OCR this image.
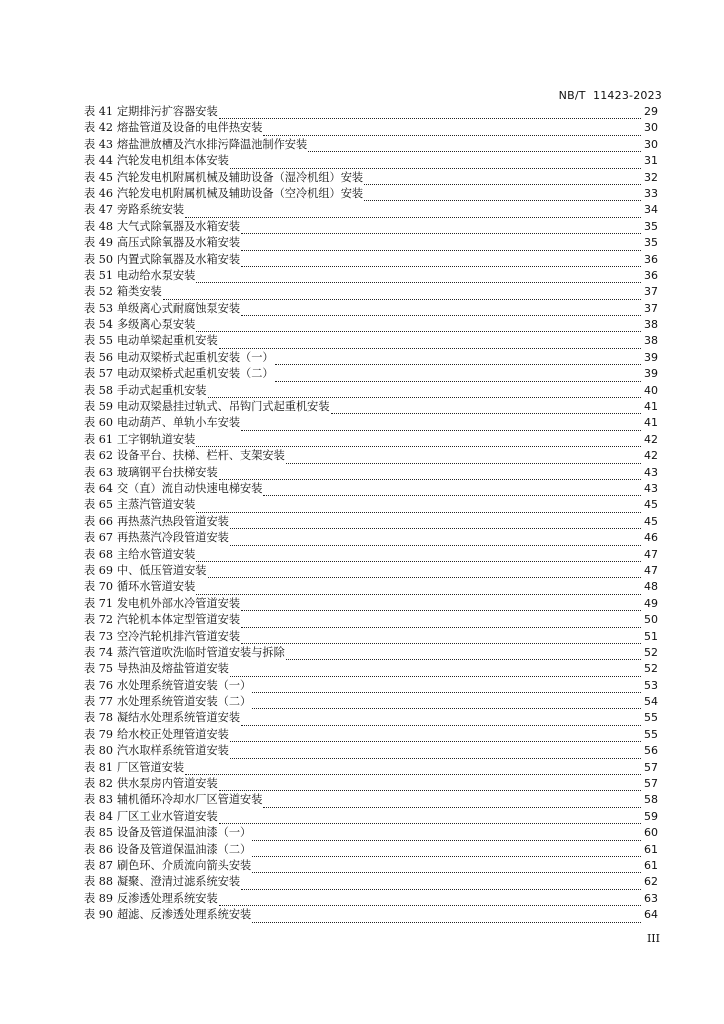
NB/T  11423-2023
表 41 定期排污扩容器安装	29
表 42 熔盐管道及设备的电伴热安装	30
表 43 熔盐泄放槽及汽水排污降温池制作安装	30
表 44 汽轮发电机组本体安装	31
表 45 汽轮发电机附属机械及辅助设备（湿冷机组）安装	32
表 46 汽轮发电机附属机械及辅助设备（空冷机组）安装	33
表 47 旁路系统安装	34
表 48 大气式除氧器及水箱安装	35
表 49 高压式除氧器及水箱安装	35
表 50 内置式除氧器及水箱安装	36
表 51 电动给水泵安装	36
表 52 箱类安装	37
表 53 单级离心式耐腐蚀泵安装	37
表 54 多级离心泵安装	38
表 55 电动单梁起重机安装	38
表 56 电动双梁桥式起重机安装（一）	39
表 57 电动双梁桥式起重机安装（二）	39
表 58 手动式起重机安装	40
表 59 电动双梁悬挂过轨式、吊钩门式起重机安装	41
表 60 电动葫芦、单轨小车安装	41
表 61 工字钢轨道安装	42
表 62 设备平台、扶梯、栏杆、支架安装	42
表 63 玻璃钢平台扶梯安装	43
表 64 交（直）流自动快速电梯安装	43
表 65 主蒸汽管道安装	45
表 66 再热蒸汽热段管道安装	45
表 67 再热蒸汽冷段管道安装	46
表 68 主给水管道安装	47
表 69 中、低压管道安装	47
表 70 循环水管道安装	48
表 71 发电机外部水冷管道安装	49
表 72 汽轮机本体定型管道安装	50
表 73 空冷汽轮机排汽管道安装	51
表 74 蒸汽管道吹洗临时管道安装与拆除	52
表 75 导热油及熔盐管道安装	52
表 76 水处理系统管道安装（一）	53
表 77 水处理系统管道安装（二）	54
表 78 凝结水处理系统管道安装	55
表 79 给水校正处理管道安装	55
表 80 汽水取样系统管道安装	56
表 81 厂区管道安装	57
表 82 供水泵房内管道安装	57
表 83 辅机循环冷却水厂区管道安装	58
表 84 厂区工业水管道安装	59
表 85 设备及管道保温油漆（一）	60
表 86 设备及管道保温油漆（二）	61
表 87 刷色环、介质流向箭头安装	61
表 88 凝聚、澄清过滤系统安装	62
表 89 反渗透处理系统安装	63
表 90 超滤、反渗透处理系统安装	64
III
